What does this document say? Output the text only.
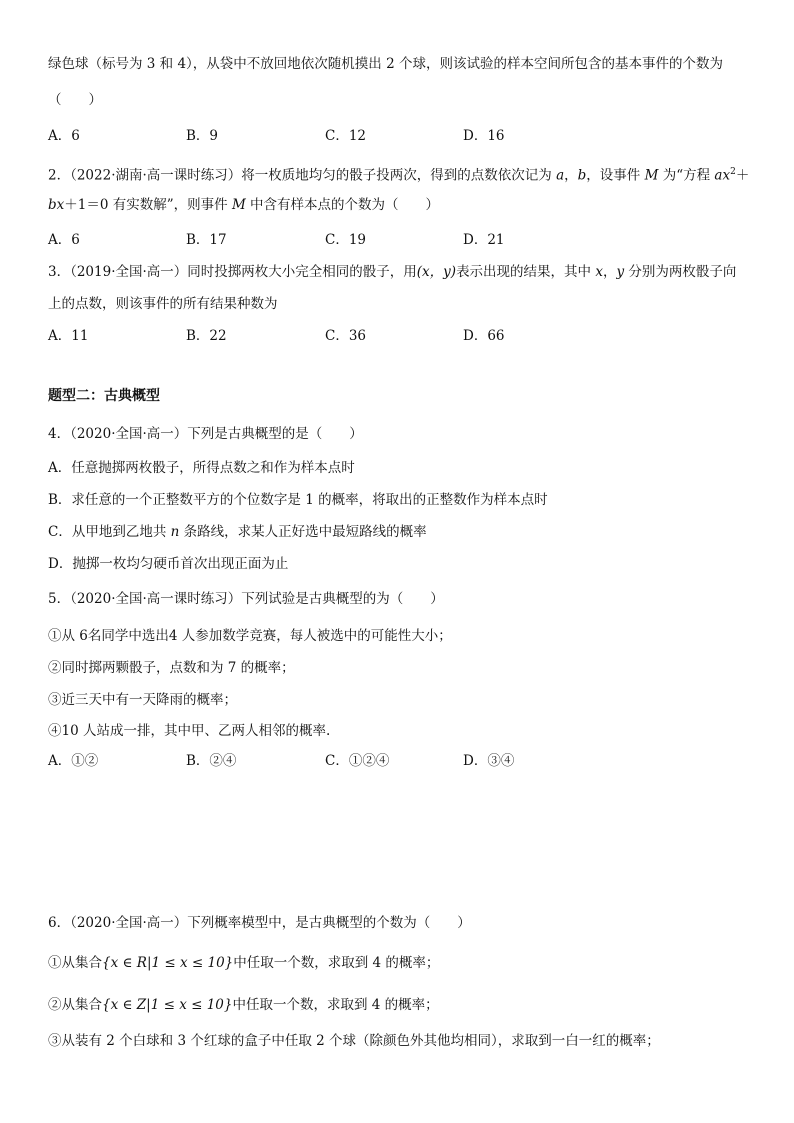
绿色球（标号为 3 和 4），从袋中不放回地依次随机摸出 2 个球，则该试验的样本空间所包含的基本事件的个数为
（　　）
A．6	B．9	C．12	D．16
2．（2022·湖南·高一课时练习）将一枚质地均匀的骰子投两次，得到的点数依次记为 a，b，设事件 M 为“方程 $ax^2+$
bx＋1＝0 有实数解”，则事件 M 中含有样本点的个数为（　　）
A．6	B．17	C．19	D．21
3．（2019·全国·高一）同时投掷两枚大小完全相同的骰子，用(x，y)表示出现的结果，其中 x，y 分别为两枚骰子向
上的点数，则该事件的所有结果种数为
A．11	B．22	C．36	D．66
题型二：古典概型
4．（2020·全国·高一）下列是古典概型的是（　　）
A．任意抛掷两枚骰子，所得点数之和作为样本点时
B．求任意的一个正整数平方的个位数字是 1 的概率，将取出的正整数作为样本点时
C．从甲地到乙地共 n 条路线，求某人正好选中最短路线的概率
D．抛掷一枚均匀硬币首次出现正面为止
5．（2020·全国·高一课时练习）下列试验是古典概型的为（　　）
①从 6名同学中选出4 人参加数学竞赛，每人被选中的可能性大小；
②同时掷两颗骰子，点数和为 7 的概率；
③近三天中有一天降雨的概率；
④10 人站成一排，其中甲、乙两人相邻的概率.
A．①②	B．②④	C．①②④	D．③④
6．（2020·全国·高一）下列概率模型中，是古典概型的个数为（　　）
①从集合{x ∈ R|1 ≤ x ≤ 10}中任取一个数，求取到 4 的概率；
②从集合{x ∈ Z|1 ≤ x ≤ 10}中任取一个数，求取到 4 的概率；
③从装有 2 个白球和 3 个红球的盒子中任取 2 个球（除颜色外其他均相同），求取到一白一红的概率；
